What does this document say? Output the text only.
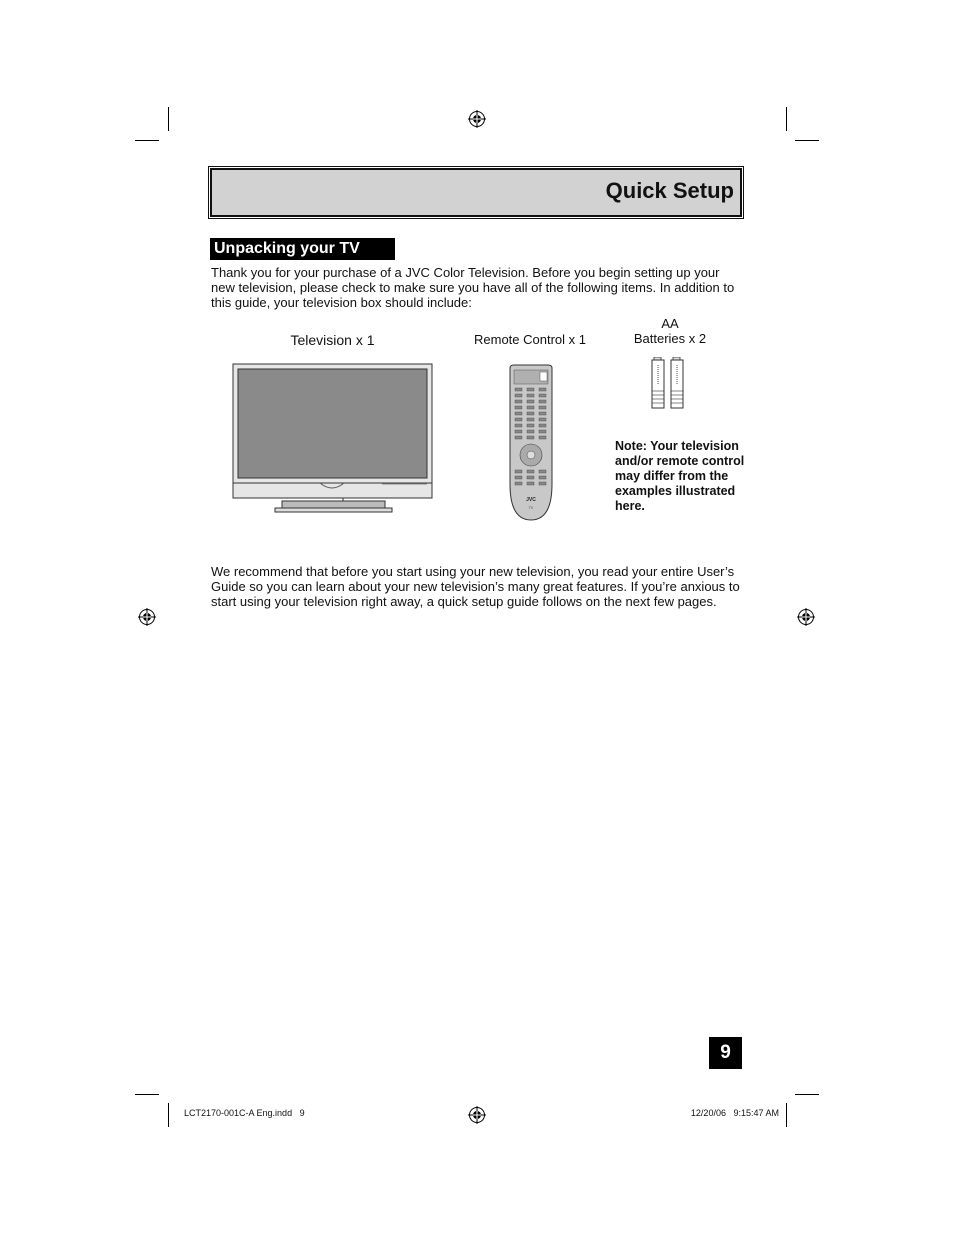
Quick Setup
Unpacking your TV
Thank you for your purchase of a JVC Color Television. Before you begin setting up your new television, please check to make sure you have all of the following items. In addition to this guide, your television box should include:
Television x 1	Remote Control x 1
AA
Batteries x 2
JVC
TV
Note: Your television and/or remote control may differ from the examples illustrated here.
We recommend that before you start using your new television, you read your entire User’s Guide so you can learn about your new television’s many great features. If you’re anxious to start using your television right away, a quick setup guide follows on the next few pages.
9
LCT2170-001C-A Eng.indd   9	12/20/06   9:15:47 AM
